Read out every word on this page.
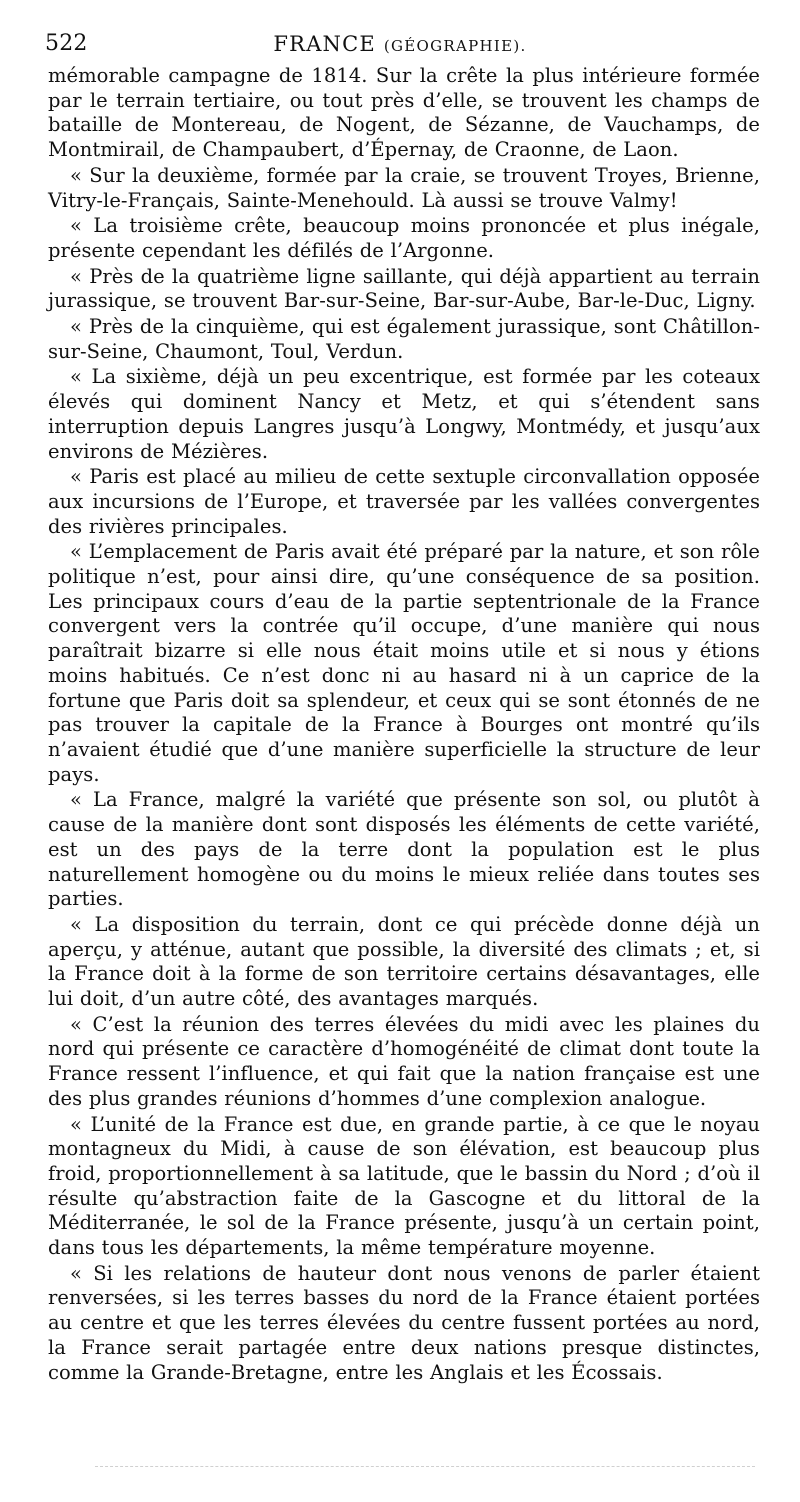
522	FRANCE (GÉOGRAPHIE).

mémorable campagne de 1814. Sur la crête la plus intérieure formée par le terrain tertiaire, ou tout près d’elle, se trouvent les champs de bataille de Montereau, de Nogent, de Sézanne, de Vauchamps, de Montmirail, de Champaubert, d’Épernay, de Craonne, de Laon.

« Sur la deuxième, formée par la craie, se trouvent Troyes, Brienne, Vitry-le-Français, Sainte-Menehould. Là aussi se trouve Valmy!

« La troisième crête, beaucoup moins prononcée et plus inégale, présente cependant les défilés de l’Argonne.

« Près de la quatrième ligne saillante, qui déjà appartient au terrain jurassique, se trouvent Bar-sur-Seine, Bar-sur-Aube, Bar-le-Duc, Ligny.

« Près de la cinquième, qui est également jurassique, sont Châtillon-sur-Seine, Chaumont, Toul, Verdun.

« La sixième, déjà un peu excentrique, est formée par les coteaux élevés qui dominent Nancy et Metz, et qui s’étendent sans interruption depuis Langres jusqu’à Longwy, Montmédy, et jusqu’aux environs de Mézières.

« Paris est placé au milieu de cette sextuple circonvallation opposée aux incursions de l’Europe, et traversée par les vallées convergentes des rivières principales.

« L’emplacement de Paris avait été préparé par la nature, et son rôle politique n’est, pour ainsi dire, qu’une conséquence de sa position. Les principaux cours d’eau de la partie septentrionale de la France convergent vers la contrée qu’il occupe, d’une manière qui nous paraîtrait bizarre si elle nous était moins utile et si nous y étions moins habitués. Ce n’est donc ni au hasard ni à un caprice de la fortune que Paris doit sa splendeur, et ceux qui se sont étonnés de ne pas trouver la capitale de la France à Bourges ont montré qu’ils n’avaient étudié que d’une manière superficielle la structure de leur pays.

« La France, malgré la variété que présente son sol, ou plutôt à cause de la manière dont sont disposés les éléments de cette variété, est un des pays de la terre dont la population est le plus naturellement homogène ou du moins le mieux reliée dans toutes ses parties.

« La disposition du terrain, dont ce qui précède donne déjà un aperçu, y atténue, autant que possible, la diversité des climats ; et, si la France doit à la forme de son territoire certains désavantages, elle lui doit, d’un autre côté, des avantages marqués.

« C’est la réunion des terres élevées du midi avec les plaines du nord qui présente ce caractère d’homogénéité de climat dont toute la France ressent l’influence, et qui fait que la nation française est une des plus grandes réunions d’hommes d’une complexion analogue.

« L’unité de la France est due, en grande partie, à ce que le noyau montagneux du Midi, à cause de son élévation, est beaucoup plus froid, proportionnellement à sa latitude, que le bassin du Nord ; d’où il résulte qu’abstraction faite de la Gascogne et du littoral de la Méditerranée, le sol de la France présente, jusqu’à un certain point, dans tous les départements, la même température moyenne.

« Si les relations de hauteur dont nous venons de parler étaient renversées, si les terres basses du nord de la France étaient portées au centre et que les terres élevées du centre fussent portées au nord, la France serait partagée entre deux nations presque distinctes, comme la Grande-Bretagne, entre les Anglais et les Écossais.
